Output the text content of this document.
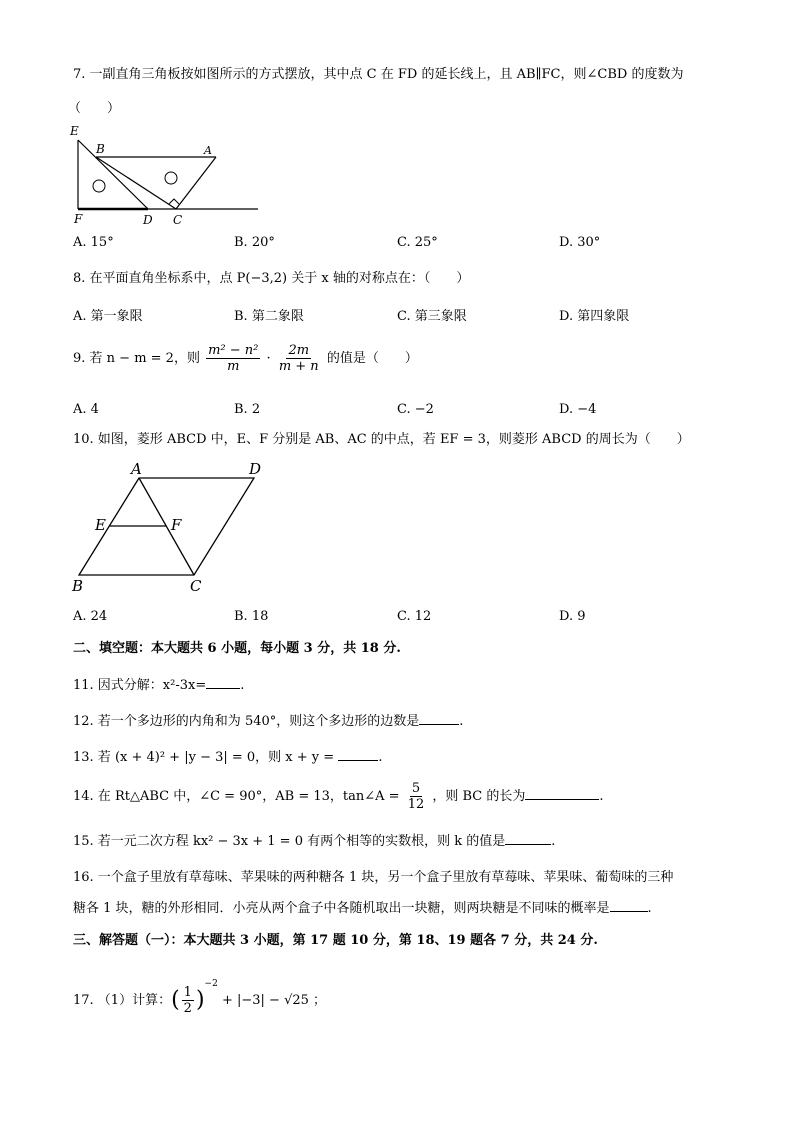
7. 一副直角三角板按如图所示的方式摆放，其中点 C 在 FD 的延长线上，且 AB∥FC，则∠CBD 的度数为
（　　）
E
B	A
F	D C
A. 15°	B. 20°	C. 25°	D. 30°
8. 在平面直角坐标系中，点 P(−3,2) 关于 x 轴的对称点在：（　　）
A. 第一象限	B. 第二象限	C. 第三象限	D. 第四象限
9. 若 n − m = 2，则 $\frac{\text{m² − n²}}{m} \cdot \frac{2m}{m + n}$ 的值是（　　）
A. 4	B. 2	C. −2	D. −4
10. 如图，菱形 ABCD 中，E、F 分别是 AB、AC 的中点，若 EF = 3，则菱形 ABCD 的周长为（　　）
A	D
E	F
B	C
A. 24	B. 18	C. 12	D. 9
二、填空题：本大题共 6 小题，每小题 3 分，共 18 分.
11. 因式分解：x²-3x=	.
12. 若一个多边形的内角和为 540°，则这个多边形的边数是	.
13. 若 (x + 4)² + |y − 3| = 0，则 x + y =	.
14. 在 Rt△ABC 中，∠C = 90°，AB = 13，tan∠A = $\frac{5}{12}$ ，则 BC 的长为	.
15. 若一元二次方程 kx² − 3x + 1 = 0 有两个相等的实数根，则 k 的值是	.
16. 一个盒子里放有草莓味、苹果味的两种糖各 1 块，另一个盒子里放有草莓味、苹果味、葡萄味的三种
糖各 1 块，糖的外形相同．小亮从两个盒子中各随机取出一块糖，则两块糖是不同味的概率是	.
三、解答题（一）：本大题共 3 小题，第 17 题 10 分，第 18、19 题各 7 分，共 24 分.
17. （1）计算：( $\frac{1}{2} )^{-2} + |-3| - √25$ ；
